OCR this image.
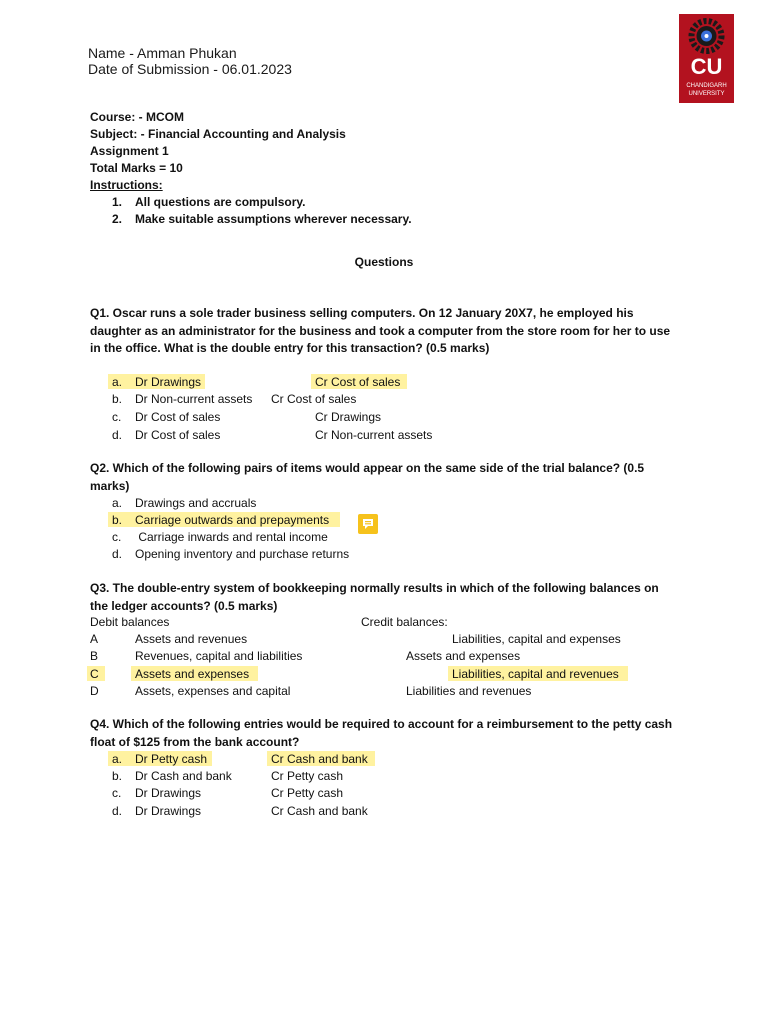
Name - Amman Phukan
Date of Submission - 06.01.2023	CU
CHANDIGARH
UNIVERSITY
Course: - MCOM
Subject: - Financial Accounting and Analysis
Assignment 1
Total Marks = 10
Instructions:
1. All questions are compulsory.
2. Make suitable assumptions wherever necessary.
Questions
Q1. Oscar runs a sole trader business selling computers. On 12 January 20X7, he employed his daughter as an administrator for the business and took a computer from the store room for her to use in the office. What is the double entry for this transaction? (0.5 marks)
a. Dr Drawings	Cr Cost of sales
b. Dr Non-current assets Cr Cost of sales
c. Dr Cost of sales	Cr Drawings
d. Dr Cost of sales	Cr Non-current assets
Q2. Which of the following pairs of items would appear on the same side of the trial balance? (0.5 marks)
a. Drawings and accruals
b. Carriage outwards and prepayments
c. Carriage inwards and rental income
d. Opening inventory and purchase returns
Q3. The double-entry system of bookkeeping normally results in which of the following balances on the ledger accounts? (0.5 marks)
Debit balances	Credit balances:
A	Assets and revenues	Liabilities, capital and expenses
B	Revenues, capital and liabilities	Assets and expenses
C	Assets and expenses	Liabilities, capital and revenues
D	Assets, expenses and capital	Liabilities and revenues
Q4. Which of the following entries would be required to account for a reimbursement to the petty cash float of $125 from the bank account?
a. Dr Petty cash	Cr Cash and bank
b. Dr Cash and bank	Cr Petty cash
c. Dr Drawings	Cr Petty cash
d. Dr Drawings	Cr Cash and bank
